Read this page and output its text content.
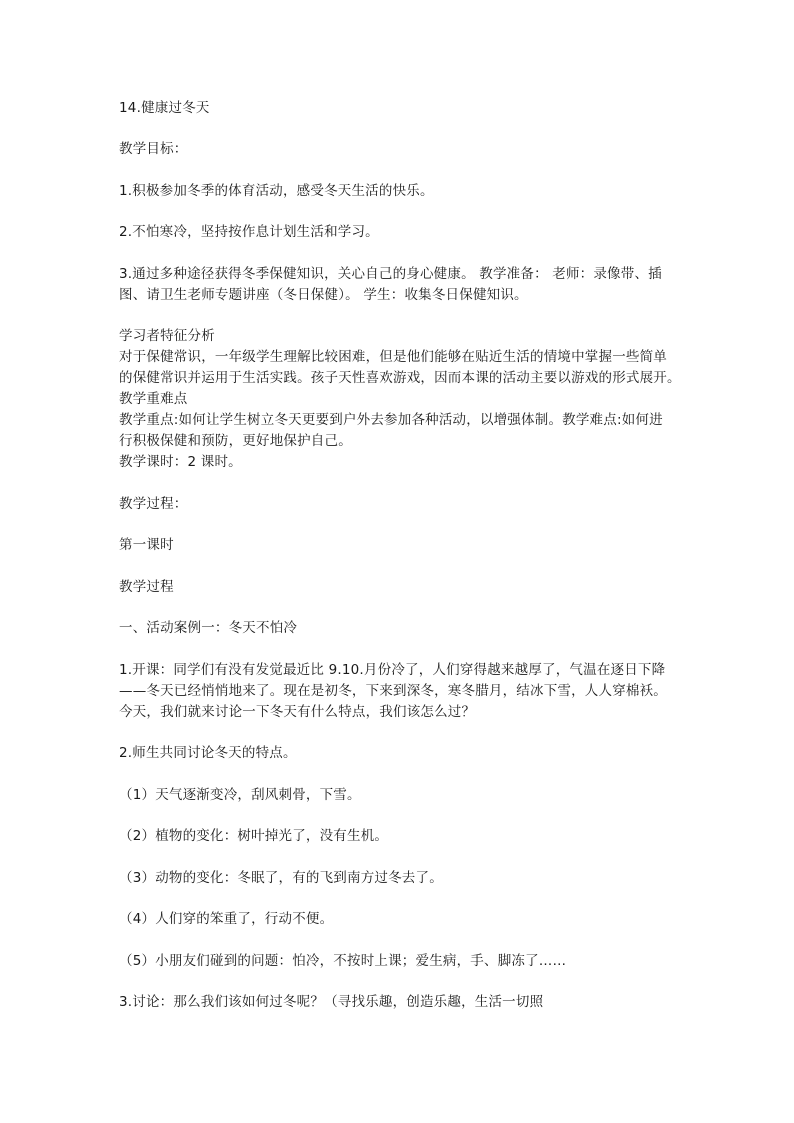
14.健康过冬天
教学目标：
1.积极参加冬季的体育活动，感受冬天生活的快乐。
2.不怕寒冷，坚持按作息计划生活和学习。
3.通过多种途径获得冬季保健知识，关心自己的身心健康。 教学准备： 老师：录像带、插
图、请卫生老师专题讲座（冬日保健）。 学生：收集冬日保健知识。
学习者特征分析
对于保健常识，一年级学生理解比较困难，但是他们能够在贴近生活的情境中掌握一些简单
的保健常识并运用于生活实践。孩子天性喜欢游戏，因而本课的活动主要以游戏的形式展开。
教学重难点
教学重点:如何让学生树立冬天更要到户外去参加各种活动，以增强体制。教学难点:如何进
行积极保健和预防，更好地保护自己。
教学课时：2 课时。
教学过程：
第一课时
教学过程
一、活动案例一：冬天不怕冷
1.开课：同学们有没有发觉最近比 9.10.月份冷了，人们穿得越来越厚了，气温在逐日下降
——冬天已经悄悄地来了。现在是初冬，下来到深冬，寒冬腊月，结冰下雪，人人穿棉袄。
今天，我们就来讨论一下冬天有什么特点，我们该怎么过？
2.师生共同讨论冬天的特点。
（1）天气逐渐变冷，刮风刺骨，下雪。
（2）植物的变化：树叶掉光了，没有生机。
（3）动物的变化：冬眠了，有的飞到南方过冬去了。
（4）人们穿的笨重了，行动不便。
（5）小朋友们碰到的问题：怕冷，不按时上课；爱生病，手、脚冻了……
3.讨论：那么我们该如何过冬呢？（寻找乐趣，创造乐趣，生活一切照
